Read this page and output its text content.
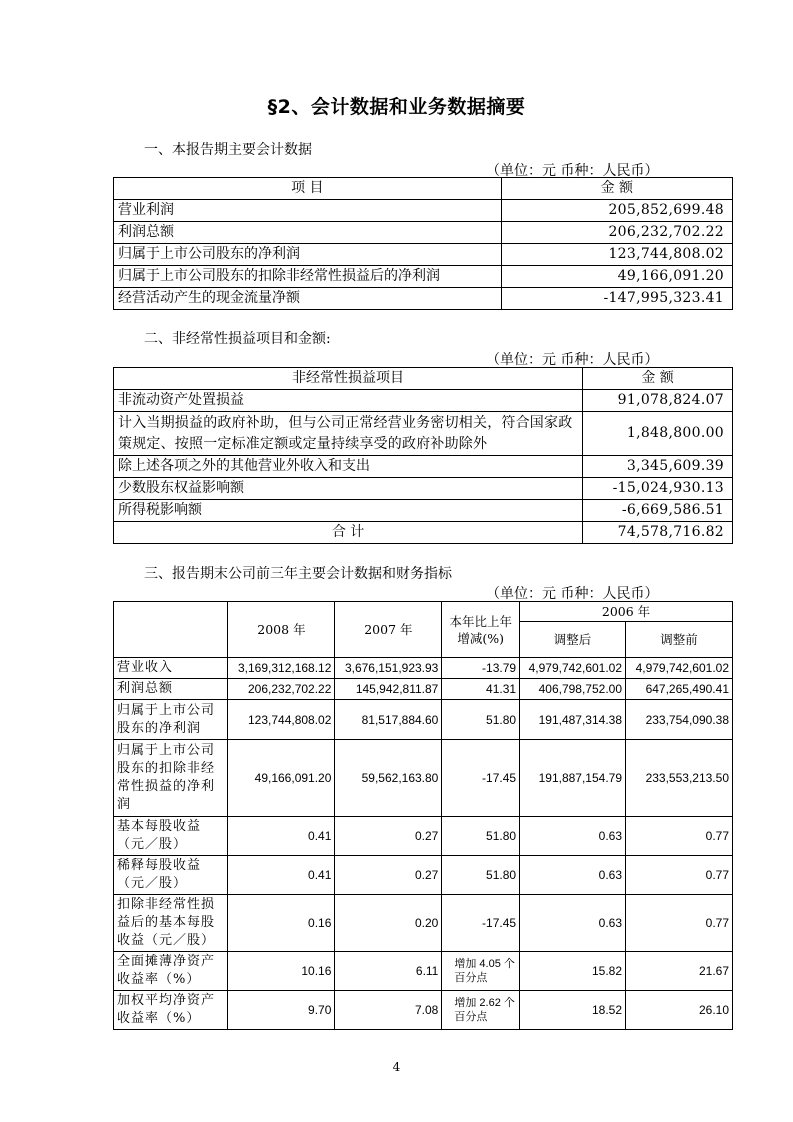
§2、会计数据和业务数据摘要
一、本报告期主要会计数据
（单位：元 币种：人民币）
项 目	金 额
营业利润	205,852,699.48
利润总额	206,232,702.22
归属于上市公司股东的净利润	123,744,808.02
归属于上市公司股东的扣除非经常性损益后的净利润	49,166,091.20
经营活动产生的现金流量净额	-147,995,323.41
二、非经常性损益项目和金额:
（单位：元 币种：人民币）
非经常性损益项目	金 额
非流动资产处置损益	91,078,824.07
计入当期损益的政府补助，但与公司正常经营业务密切相关，符合国家政策规定、按照一定标准定额或定量持续享受的政府补助除外	1,848,800.00
除上述各项之外的其他营业外收入和支出	3,345,609.39
少数股东权益影响额	-15,024,930.13
所得税影响额	-6,669,586.51
合 计	74,578,716.82
三、报告期末公司前三年主要会计数据和财务指标
（单位：元 币种：人民币）
	2008 年	2007 年	本年比上年增减(%)	2006 年	
				调整后	调整前
营业收入	3,169,312,168.12	3,676,151,923.93	-13.79	4,979,742,601.02	4,979,742,601.02
利润总额	206,232,702.22	145,942,811.87	41.31	406,798,752.00	647,265,490.41
归属于上市公司股东的净利润	123,744,808.02	81,517,884.60	51.80	191,487,314.38	233,754,090.38
归属于上市公司股东的扣除非经常性损益的净利润	49,166,091.20	59,562,163.80	-17.45	191,887,154.79	233,553,213.50
基本每股收益（元／股）	0.41	0.27	51.80	0.63	0.77
稀释每股收益（元／股）	0.41	0.27	51.80	0.63	0.77
扣除非经常性损益后的基本每股收益（元／股）	0.16	0.20	-17.45	0.63	0.77
全面摊薄净资产收益率（%）	10.16	6.11	增加 4.05 个百分点	15.82	21.67
加权平均净资产收益率（%）	9.70	7.08	增加 2.62 个百分点	18.52	26.10
4
